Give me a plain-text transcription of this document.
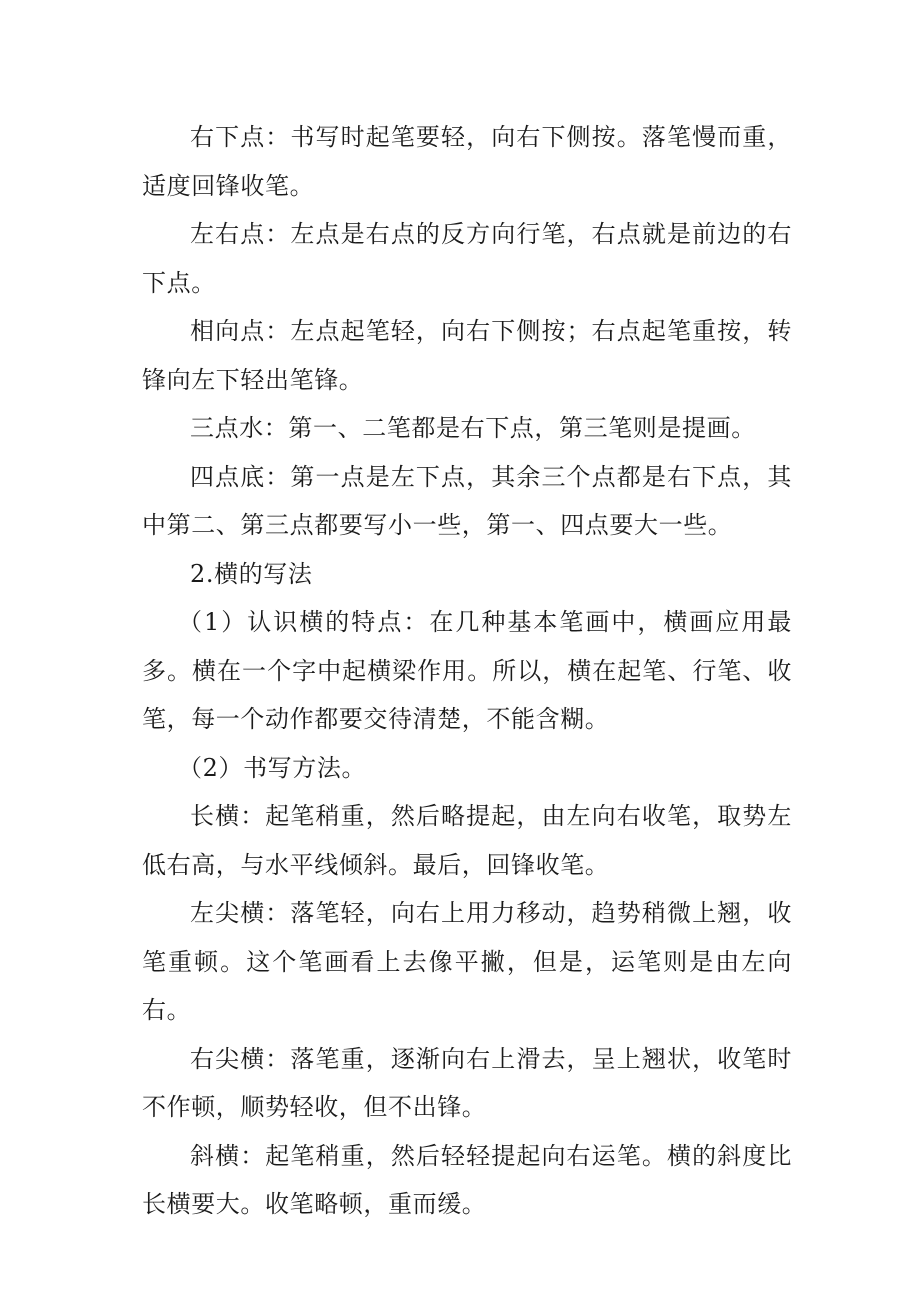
右下点：书写时起笔要轻，向右下侧按。落笔慢而重，适度回锋收笔。

左右点：左点是右点的反方向行笔，右点就是前边的右下点。

相向点：左点起笔轻，向右下侧按；右点起笔重按，转锋向左下轻出笔锋。

三点水：第一、二笔都是右下点，第三笔则是提画。

四点底：第一点是左下点，其余三个点都是右下点，其中第二、第三点都要写小一些，第一、四点要大一些。

2.横的写法

（1）认识横的特点：在几种基本笔画中，横画应用最多。横在一个字中起横梁作用。所以，横在起笔、行笔、收笔，每一个动作都要交待清楚，不能含糊。

（2）书写方法。

长横：起笔稍重，然后略提起，由左向右收笔，取势左低右高，与水平线倾斜。最后，回锋收笔。

左尖横：落笔轻，向右上用力移动，趋势稍微上翘，收笔重顿。这个笔画看上去像平撇，但是，运笔则是由左向右。

右尖横：落笔重，逐渐向右上滑去，呈上翘状，收笔时不作顿，顺势轻收，但不出锋。

斜横：起笔稍重，然后轻轻提起向右运笔。横的斜度比长横要大。收笔略顿，重而缓。
